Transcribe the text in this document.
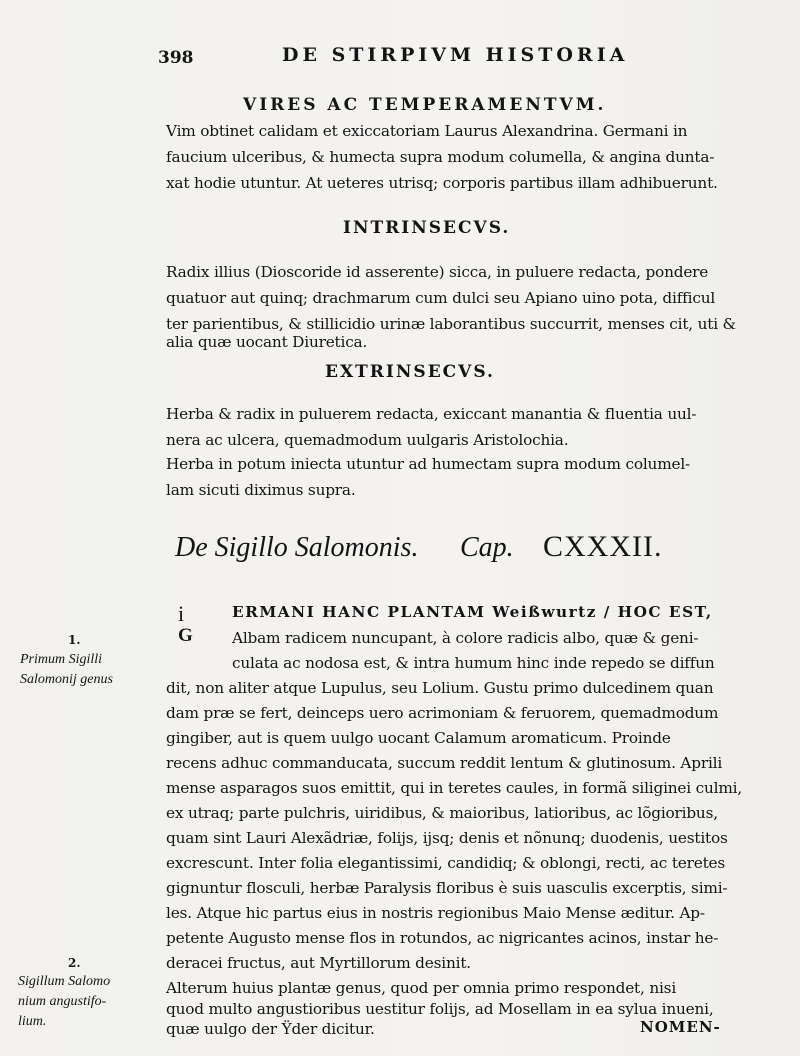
398	DE STIRPIVM HISTORIA
VIRES AC TEMPERAMENTVM.
Vim obtinet calidam et exiccatoriam Laurus Alexandrina. Germani in
faucium ulceribus, & humecta supra modum columella, & angina dunta-
xat hodie utuntur. At ueteres utrisq; corporis partibus illam adhibuerunt.
INTRINSECVS.
Radix illius (Dioscoride id asserente) sicca, in puluere redacta, pondere
quatuor aut quinq; drachmarum cum dulci seu Apiano uino pota, difficul
ter parientibus, & stillicidio urinæ laborantibus succurrit, menses cit, uti &
alia quæ uocant Diuretica.
EXTRINSECVS.
Herba & radix in puluerem redacta, exiccant manantia & fluentia uul-
nera ac ulcera, quemadmodum uulgaris Aristolochia.
Herba in potum iniecta utuntur ad humectam supra modum columel-
lam sicuti diximus supra.
De Sigillo Salomonis. Cap. CXXXII.
i
G
ERMANI HANC PLANTAM Weißwurtz / HOC EST,
Albam radicem nuncupant, à colore radicis albo, quæ & geni-
culata ac nodosa est, & intra humum hinc inde repedo se diffun
dit, non aliter atque Lupulus, seu Lolium. Gustu primo dulcedinem quan
dam præ se fert, deinceps uero acrimoniam & feruorem, quemadmodum
gingiber, aut is quem uulgo uocant Calamum aromaticum. Proinde
recens adhuc commanducata, succum reddit lentum & glutinosum. Aprili
mense asparagos suos emittit, qui in teretes caules, in formã siliginei culmi,
ex utraq; parte pulchris, uiridibus, & maioribus, latioribus, ac lõgioribus,
quam sint Lauri Alexãdriæ, folijs, ijsq; denis et nõnunq; duodenis, uestitos
excrescunt. Inter folia elegantissimi, candidiq; & oblongi, recti, ac teretes
gignuntur flosculi, herbæ Paralysis floribus è suis uasculis excerptis, simi-
les. Atque hic partus eius in nostris regionibus Maio Mense æditur. Ap-
petente Augusto mense flos in rotundos, ac nigricantes acinos, instar he-
deracei fructus, aut Myrtillorum desinit.
Alterum huius plantæ genus, quod per omnia primo respondet, nisi
quod multo angustioribus uestitur folijs, ad Mosellam in ea sylua inueni,
quæ uulgo der Ÿder dicitur.
1.
Primum Sigilli
Salomonij genus
2.
Sigillum Salomo
nium angustifo-
lium.	NOMEN-
